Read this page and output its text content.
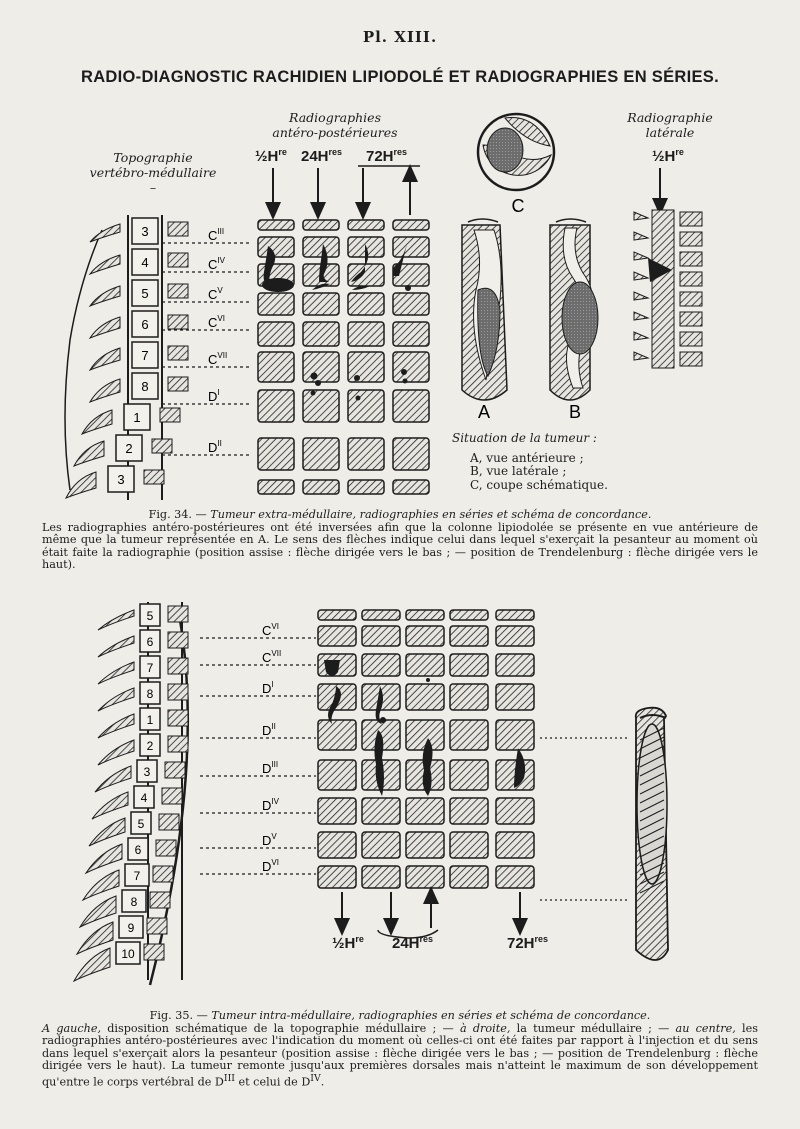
Pl. XIII.
RADIO-DIAGNOSTIC RACHIDIEN LIPIODOLÉ ET RADIOGRAPHIES EN SÉRIES.
Topographie
vertébro-médullaire
–
Radiographies
antéro-postérieures
Radiographie
latérale
$\frac{1}{2}H^{re}$ $24H^{res}$ $72H^{res}$	$\frac{1}{2}H^{re}$
3
4
5
6
7
8
1
2
3
$C^{III}$
$C^{IV}$
$C^V$
$C^{VI}$
$C^{VII}$
$D^I$
$D^{II}$
C
A	B
Situation de la tumeur :
A, vue antérieure ;
B, vue latérale ;
C, coupe schématique.
Fig. 34. — Tumeur extra-médullaire, radiographies en séries et schéma de concordance.
Les radiographies antéro-postérieures ont été inversées afin que la colonne lipiodolée se présente en vue antérieure de même que la tumeur représentée en A. Le sens des flèches indique celui dans lequel s'exerçait la pesanteur au moment où était faite la radiographie (position assise : flèche dirigée vers le bas ; — position de Trendelenburg : flèche dirigée vers le haut).
5
6
7
8
1
2
3
4
5
6
7
8
9
10
$C^{VI}$
$C^{VII}$
$D^I$
$D^{II}$
$D^{III}$
$D^{IV}$
$D^V$
$D^{VI}$
$\frac{1}{2}H^{re}$ $24H^{res}$	$72H^{res}$
Fig. 35. — Tumeur intra-médullaire, radiographies en séries et schéma de concordance.
A gauche, disposition schématique de la topographie médullaire ; — à droite, la tumeur médullaire ; — au centre, les radiographies antéro-postérieures avec l'indication du moment où celles-ci ont été faites par rapport à l'injection et du sens dans lequel s'exerçait alors la pesanteur (position assise : flèche dirigée vers le bas ; — position de Trendelenburg : flèche dirigée vers le haut). La tumeur remonte jusqu'aux premières dorsales mais n'atteint le maximum de son développement qu'entre le corps vertébral de $D^{III}$ et celui de $D^{IV}$.
